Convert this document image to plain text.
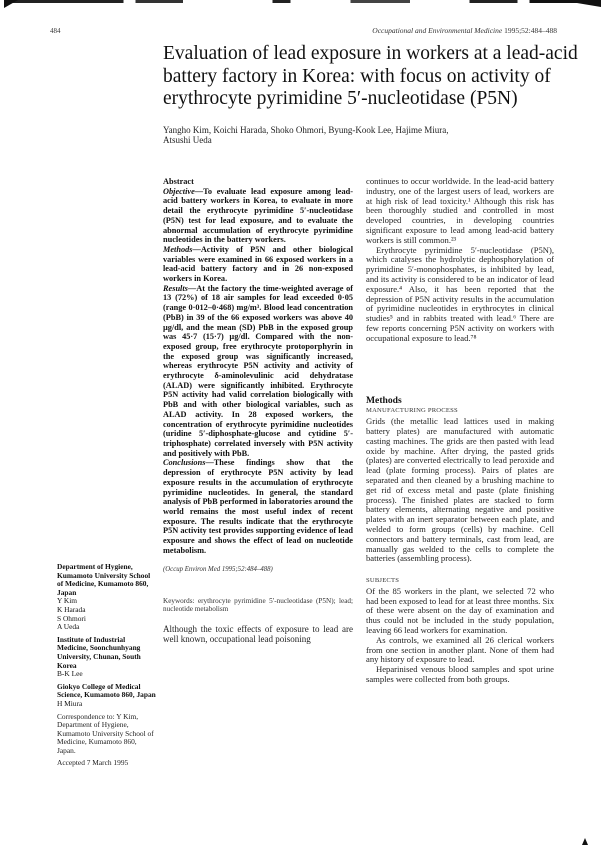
484	Occupational and Environmental Medicine 1995;52:484–488
Evaluation of lead exposure in workers at a lead-acid battery factory in Korea: with focus on activity of erythrocyte pyrimidine 5′-nucleotidase (P5N)
Yangho Kim, Koichi Harada, Shoko Ohmori, Byung-Kook Lee, Hajime Miura, Atsushi Ueda
Department of Hygiene, Kumamoto University School of Medicine, Kumamoto 860, Japan
Y Kim
K Harada
S Ohmori
A Ueda
Institute of Industrial Medicine, Soonchunhyang University, Chunan, South Korea
B-K Lee
Giokyo College of Medical Science, Kumamoto 860, Japan
H Miura
Correspondence to: Y Kim, Department of Hygiene, Kumamoto University School of Medicine, Kumamoto 860, Japan.
Accepted 7 March 1995
Abstract

Objective—To evaluate lead exposure among lead-acid battery workers in Korea, to evaluate in more detail the erythrocyte pyrimidine 5′-nucleotidase (P5N) test for lead exposure, and to evaluate the abnormal accumulation of erythrocyte pyrimidine nucleotides in the battery workers.

Methods—Activity of P5N and other biological variables were examined in 66 exposed workers in a lead-acid battery factory and in 26 non-exposed workers in Korea.

Results—At the factory the time-weighted average of 13 (72%) of 18 air samples for lead exceeded 0·05 (range 0·012–0·468) mg/m³. Blood lead concentration (PbB) in 39 of the 66 exposed workers was above 40 µg/dl, and the mean (SD) PbB in the exposed group was 45·7 (15·7) µg/dl. Compared with the non-exposed group, free erythrocyte protoporphyrin in the exposed group was significantly increased, whereas erythrocyte P5N activity and activity of erythrocyte δ-aminolevulinic acid dehydratase (ALAD) were significantly inhibited. Erythrocyte P5N activity had valid correlation biologically with PbB and with other biological variables, such as ALAD activity. In 28 exposed workers, the concentration of erythrocyte pyrimidine nucleotides (uridine 5′-diphosphate-glucose and cytidine 5′-triphosphate) correlated inversely with P5N activity and positively with PbB.

Conclusions—These findings show that the depression of erythrocyte P5N activity by lead exposure results in the accumulation of erythrocyte pyrimidine nucleotides. In general, the standard analysis of PbB performed in laboratories around the world remains the most useful index of recent exposure. The results indicate that the erythrocyte P5N activity test provides supporting evidence of lead exposure and shows the effect of lead on nucleotide metabolism.

(Occup Environ Med 1995;52:484–488)
Keywords: erythrocyte pyrimidine 5′-nucleotidase (P5N); lead; nucleotide metabolism
Although the toxic effects of exposure to lead are well known, occupational lead poisoning

continues to occur worldwide. In the lead-acid battery industry, one of the largest users of lead, workers are at high risk of lead toxicity.¹ Although this risk has been thoroughly studied and controlled in most developed countries, in developing countries significant exposure to lead among lead-acid battery workers is still common.²³

Erythrocyte pyrimidine 5′-nucleotidase (P5N), which catalyses the hydrolytic dephosphorylation of pyrimidine 5′-monophosphates, is inhibited by lead, and its activity is considered to be an indicator of lead exposure.⁴ Also, it has been reported that the depression of P5N activity results in the accumulation of pyrimidine nucleotides in erythrocytes in clinical studies⁵ and in rabbits treated with lead.⁶ There are few reports concerning P5N activity on workers with occupational exposure to lead.⁷⁸

Methods
MANUFACTURING PROCESS

Grids (the metallic lead lattices used in making battery plates) are manufactured with automatic casting machines. The grids are then pasted with lead oxide by machine. After drying, the pasted grids (plates) are converted electrically to lead peroxide and lead (plate forming process). Pairs of plates are separated and then cleaned by a brushing machine to get rid of excess metal and paste (plate finishing process). The finished plates are stacked to form battery elements, alternating negative and positive plates with an inert separator between each plate, and welded to form groups (cells) by machine. Cell connectors and battery terminals, cast from lead, are manually gas welded to the cells to complete the batteries (assembling process).

SUBJECTS

Of the 85 workers in the plant, we selected 72 who had been exposed to lead for at least three months. Six of these were absent on the day of examination and thus could not be included in the study population, leaving 66 lead workers for examination.

As controls, we examined all 26 clerical workers from one section in another plant. None of them had any history of exposure to lead.

Heparinised venous blood samples and spot urine samples were collected from both groups.
